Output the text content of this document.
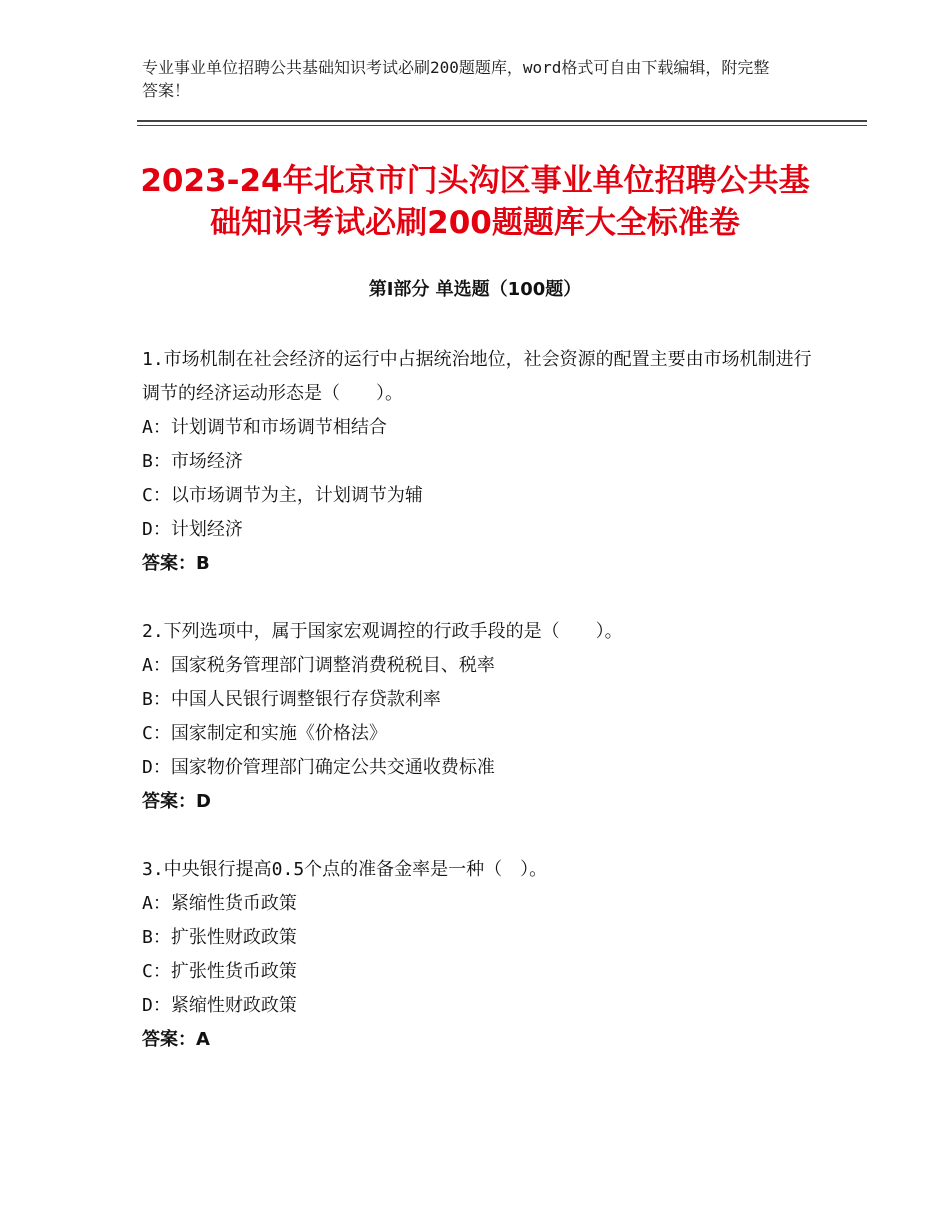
专业事业单位招聘公共基础知识考试必刷200题题库，word格式可自由下载编辑，附完整答案！
2023-24年北京市门头沟区事业单位招聘公共基础知识考试必刷200题题库大全标准卷
第Ⅰ部分 单选题（100题）

1.市场机制在社会经济的运行中占据统治地位，社会资源的配置主要由市场机制进行调节的经济运动形态是（　　）。

A：计划调节和市场调节相结合

B：市场经济

C：以市场调节为主，计划调节为辅

D：计划经济

答案：B

2.下列选项中，属于国家宏观调控的行政手段的是（　　）。

A：国家税务管理部门调整消费税税目、税率

B：中国人民银行调整银行存贷款利率

C：国家制定和实施《价格法》

D：国家物价管理部门确定公共交通收费标准

答案：D

3.中央银行提高0.5个点的准备金率是一种（　）。

A：紧缩性货币政策

B：扩张性财政政策

C：扩张性货币政策

D：紧缩性财政政策

答案：A
